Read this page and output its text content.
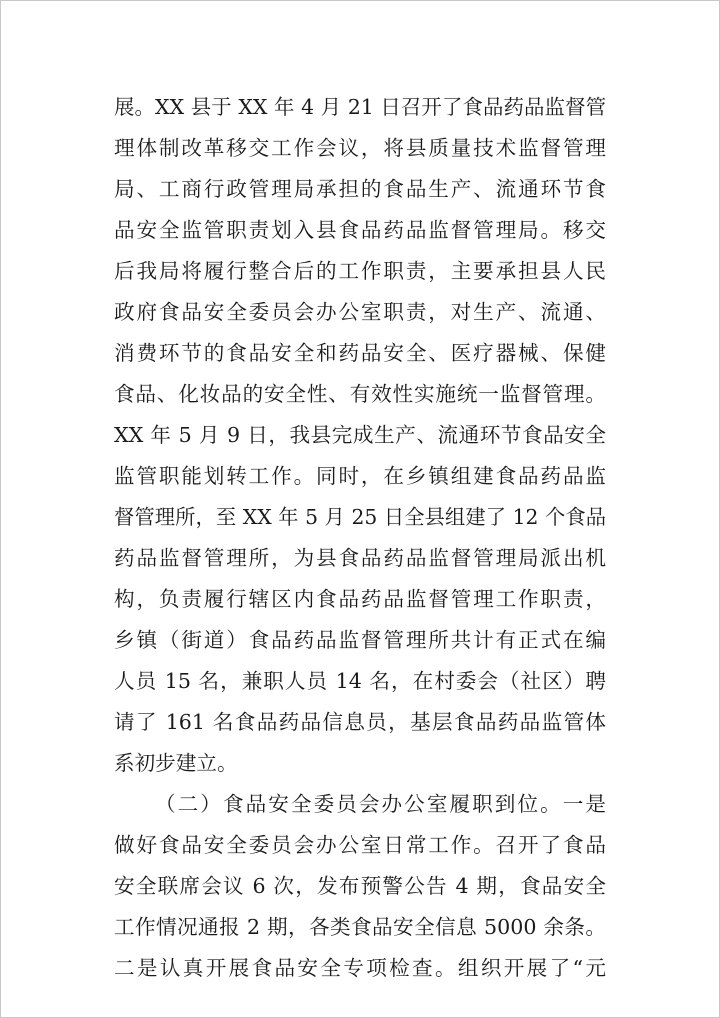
展。XX 县于 XX 年 4 月 21 日召开了食品药品监督管
理体制改革移交工作会议，将县质量技术监督管理
局、工商行政管理局承担的食品生产、流通环节食
品安全监管职责划入县食品药品监督管理局。移交
后我局将履行整合后的工作职责，主要承担县人民
政府食品安全委员会办公室职责，对生产、流通、
消费环节的食品安全和药品安全、医疗器械、保健
食品、化妆品的安全性、有效性实施统一监督管理。
XX 年 5 月 9 日，我县完成生产、流通环节食品安全
监管职能划转工作。同时，在乡镇组建食品药品监
督管理所，至 XX 年 5 月 25 日全县组建了 12 个食品
药品监督管理所，为县食品药品监督管理局派出机
构，负责履行辖区内食品药品监督管理工作职责，
乡镇（街道）食品药品监督管理所共计有正式在编
人员 15 名，兼职人员 14 名，在村委会（社区）聘
请了 161 名食品药品信息员，基层食品药品监管体
系初步建立。
（二）食品安全委员会办公室履职到位。一是
做好食品安全委员会办公室日常工作。召开了食品
安全联席会议 6 次，发布预警公告 4 期，食品安全
工作情况通报 2 期，各类食品安全信息 5000 余条。
二是认真开展食品安全专项检查。组织开展了“元
